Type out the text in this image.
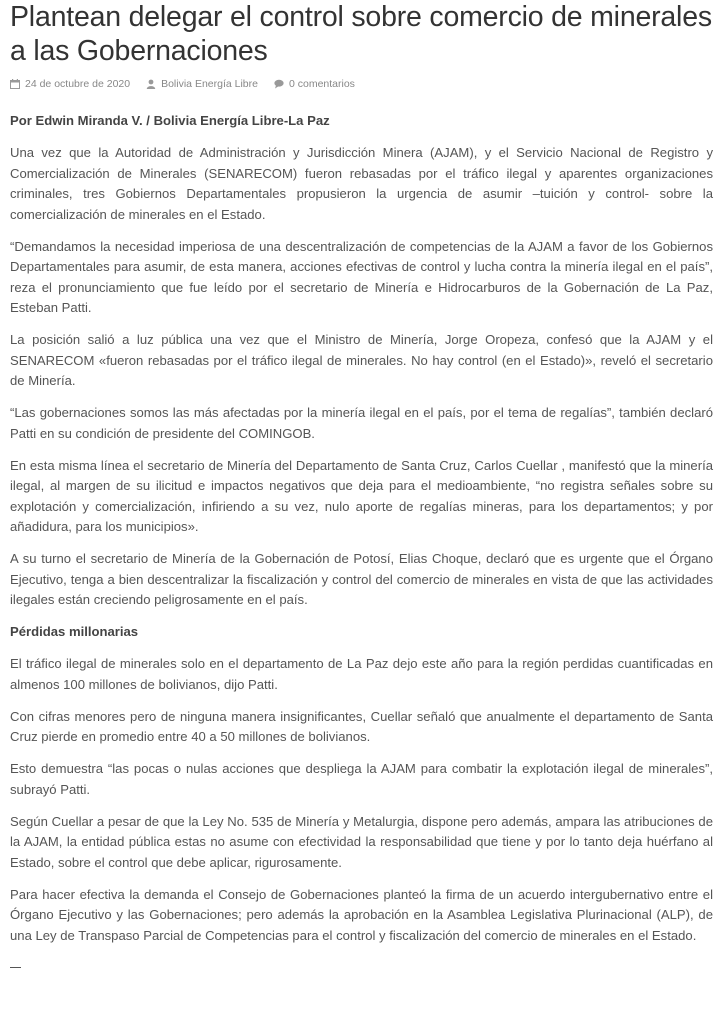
Plantean delegar el control sobre comercio de minerales a las Gobernaciones
24 de octubre de 2020	Bolivia Energía Libre	0 comentarios

Por Edwin Miranda V. / Bolivia Energía Libre-La Paz

Una vez que la Autoridad de Administración y Jurisdicción Minera (AJAM), y el Servicio Nacional de Registro y Comercialización de Minerales (SENARECOM) fueron rebasadas por el tráfico ilegal y aparentes organizaciones criminales, tres Gobiernos Departamentales propusieron la urgencia de asumir –tuición y control- sobre la comercialización de minerales en el Estado.

“Demandamos la necesidad imperiosa de una descentralización de competencias de la AJAM a favor de los Gobiernos Departamentales para asumir, de esta manera, acciones efectivas de control y lucha contra la minería ilegal en el país”, reza el pronunciamiento que fue leído por el secretario de Minería e Hidrocarburos de la Gobernación de La Paz, Esteban Patti.

La posición salió a luz pública una vez que el Ministro de Minería, Jorge Oropeza, confesó que la AJAM y el SENARECOM «fueron rebasadas por el tráfico ilegal de minerales. No hay control (en el Estado)», reveló el secretario de Minería.

“Las gobernaciones somos las más afectadas por la minería ilegal en el país, por el tema de regalías”, también declaró Patti en su condición de presidente del COMINGOB.

En esta misma línea el secretario de Minería del Departamento de Santa Cruz, Carlos Cuellar , manifestó que la minería ilegal, al margen de su ilicitud e impactos negativos que deja para el medioambiente, “no registra señales sobre su explotación y comercialización, infiriendo a su vez, nulo aporte de regalías mineras, para los departamentos; y por añadidura, para los municipios».

A su turno el secretario de Minería de la Gobernación de Potosí, Elias Choque, declaró que es urgente que el Órgano Ejecutivo, tenga a bien descentralizar la fiscalización y control del comercio de minerales en vista de que las actividades ilegales están creciendo peligrosamente en el país.

Pérdidas millonarias

El tráfico ilegal de minerales solo en el departamento de La Paz dejo este año para la región perdidas cuantificadas en almenos 100 millones de bolivianos, dijo Patti.

Con cifras menores pero de ninguna manera insignificantes, Cuellar señaló que anualmente el departamento de Santa Cruz pierde en promedio entre 40 a 50 millones de bolivianos.

Esto demuestra “las pocas o nulas acciones que despliega la AJAM para combatir la explotación ilegal de minerales”, subrayó Patti.

Según Cuellar a pesar de que la Ley No. 535 de Minería y Metalurgia, dispone pero además, ampara las atribuciones de la AJAM, la entidad pública estas no asume con efectividad la responsabilidad que tiene y por lo tanto deja huérfano al Estado, sobre el control que debe aplicar, rigurosamente.

Para hacer efectiva la demanda el Consejo de Gobernaciones planteó la firma de un acuerdo intergubernativo entre el Órgano Ejecutivo y las Gobernaciones; pero además la aprobación en la Asamblea Legislativa Plurinacional (ALP), de una Ley de Transpaso Parcial de Competencias para el control y fiscalización del comercio de minerales en el Estado.
